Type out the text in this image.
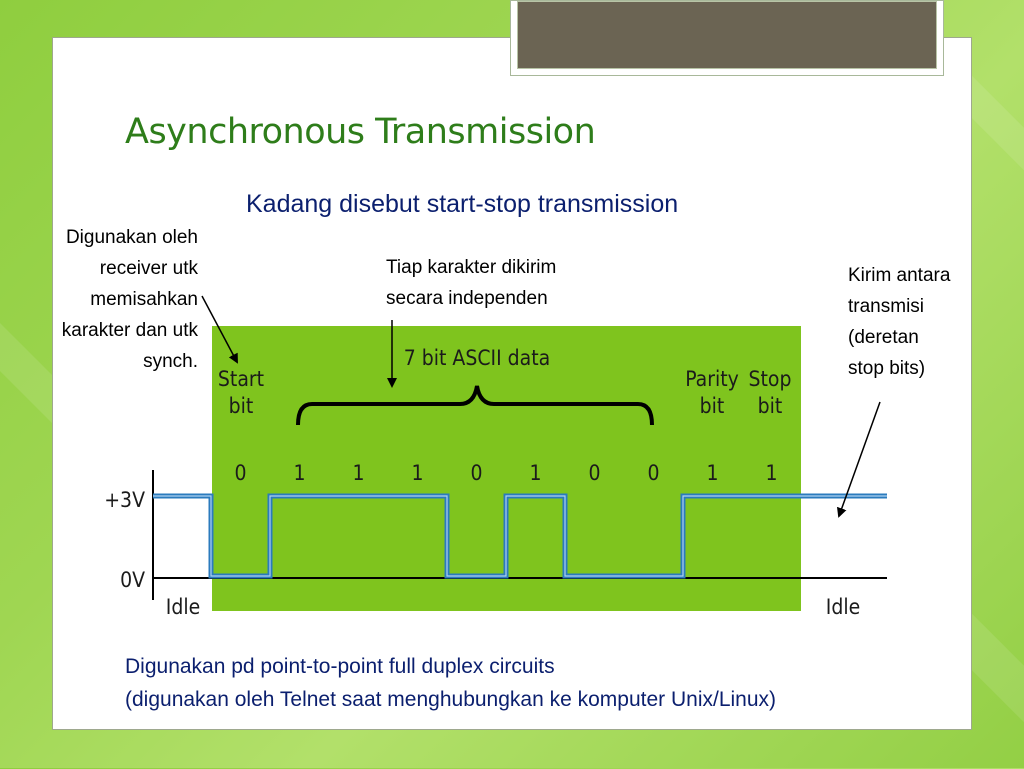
Asynchronous Transmission
Kadang disebut start-stop transmission
Digunakan oleh
receiver utk
memisahkan
karakter dan utk
synch.
Tiap karakter dikirim
secara independen
Kirim antara
transmisi
(deretan
stop bits)
Start
bit
7 bit ASCII data
Parity
bit
Stop
bit
0 1 1 1 0 1 0 0 1 1
+3V
0V
Idle	Idle
Digunakan pd point-to-point full duplex circuits
(digunakan oleh Telnet saat menghubungkan ke komputer Unix/Linux)
